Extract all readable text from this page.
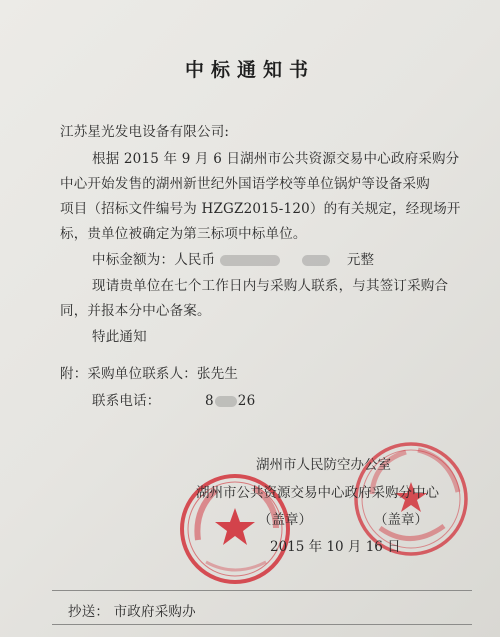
中标通知书
江苏星光发电设备有限公司:
根据 2015 年 9 月 6 日湖州市公共资源交易中心政府采购分
中心开始发售的湖州新世纪外国语学校等单位锅炉等设备采购
项目（招标文件编号为 HZGZ2015-120）的有关规定，经现场开
标，贵单位被确定为第三标项中标单位。
中标金额为：人民币	元整
现请贵单位在七个工作日内与采购人联系，与其签订采购合
同，并报本分中心备案。
特此通知
附：采购单位联系人：张先生
联系电话：	8 26
湖州市人民防空办公室
湖州市公共资源交易中心政府采购分中心
（盖章）	（盖章）
2015 年 10 月 16 日
抄送： 市政府采购办
